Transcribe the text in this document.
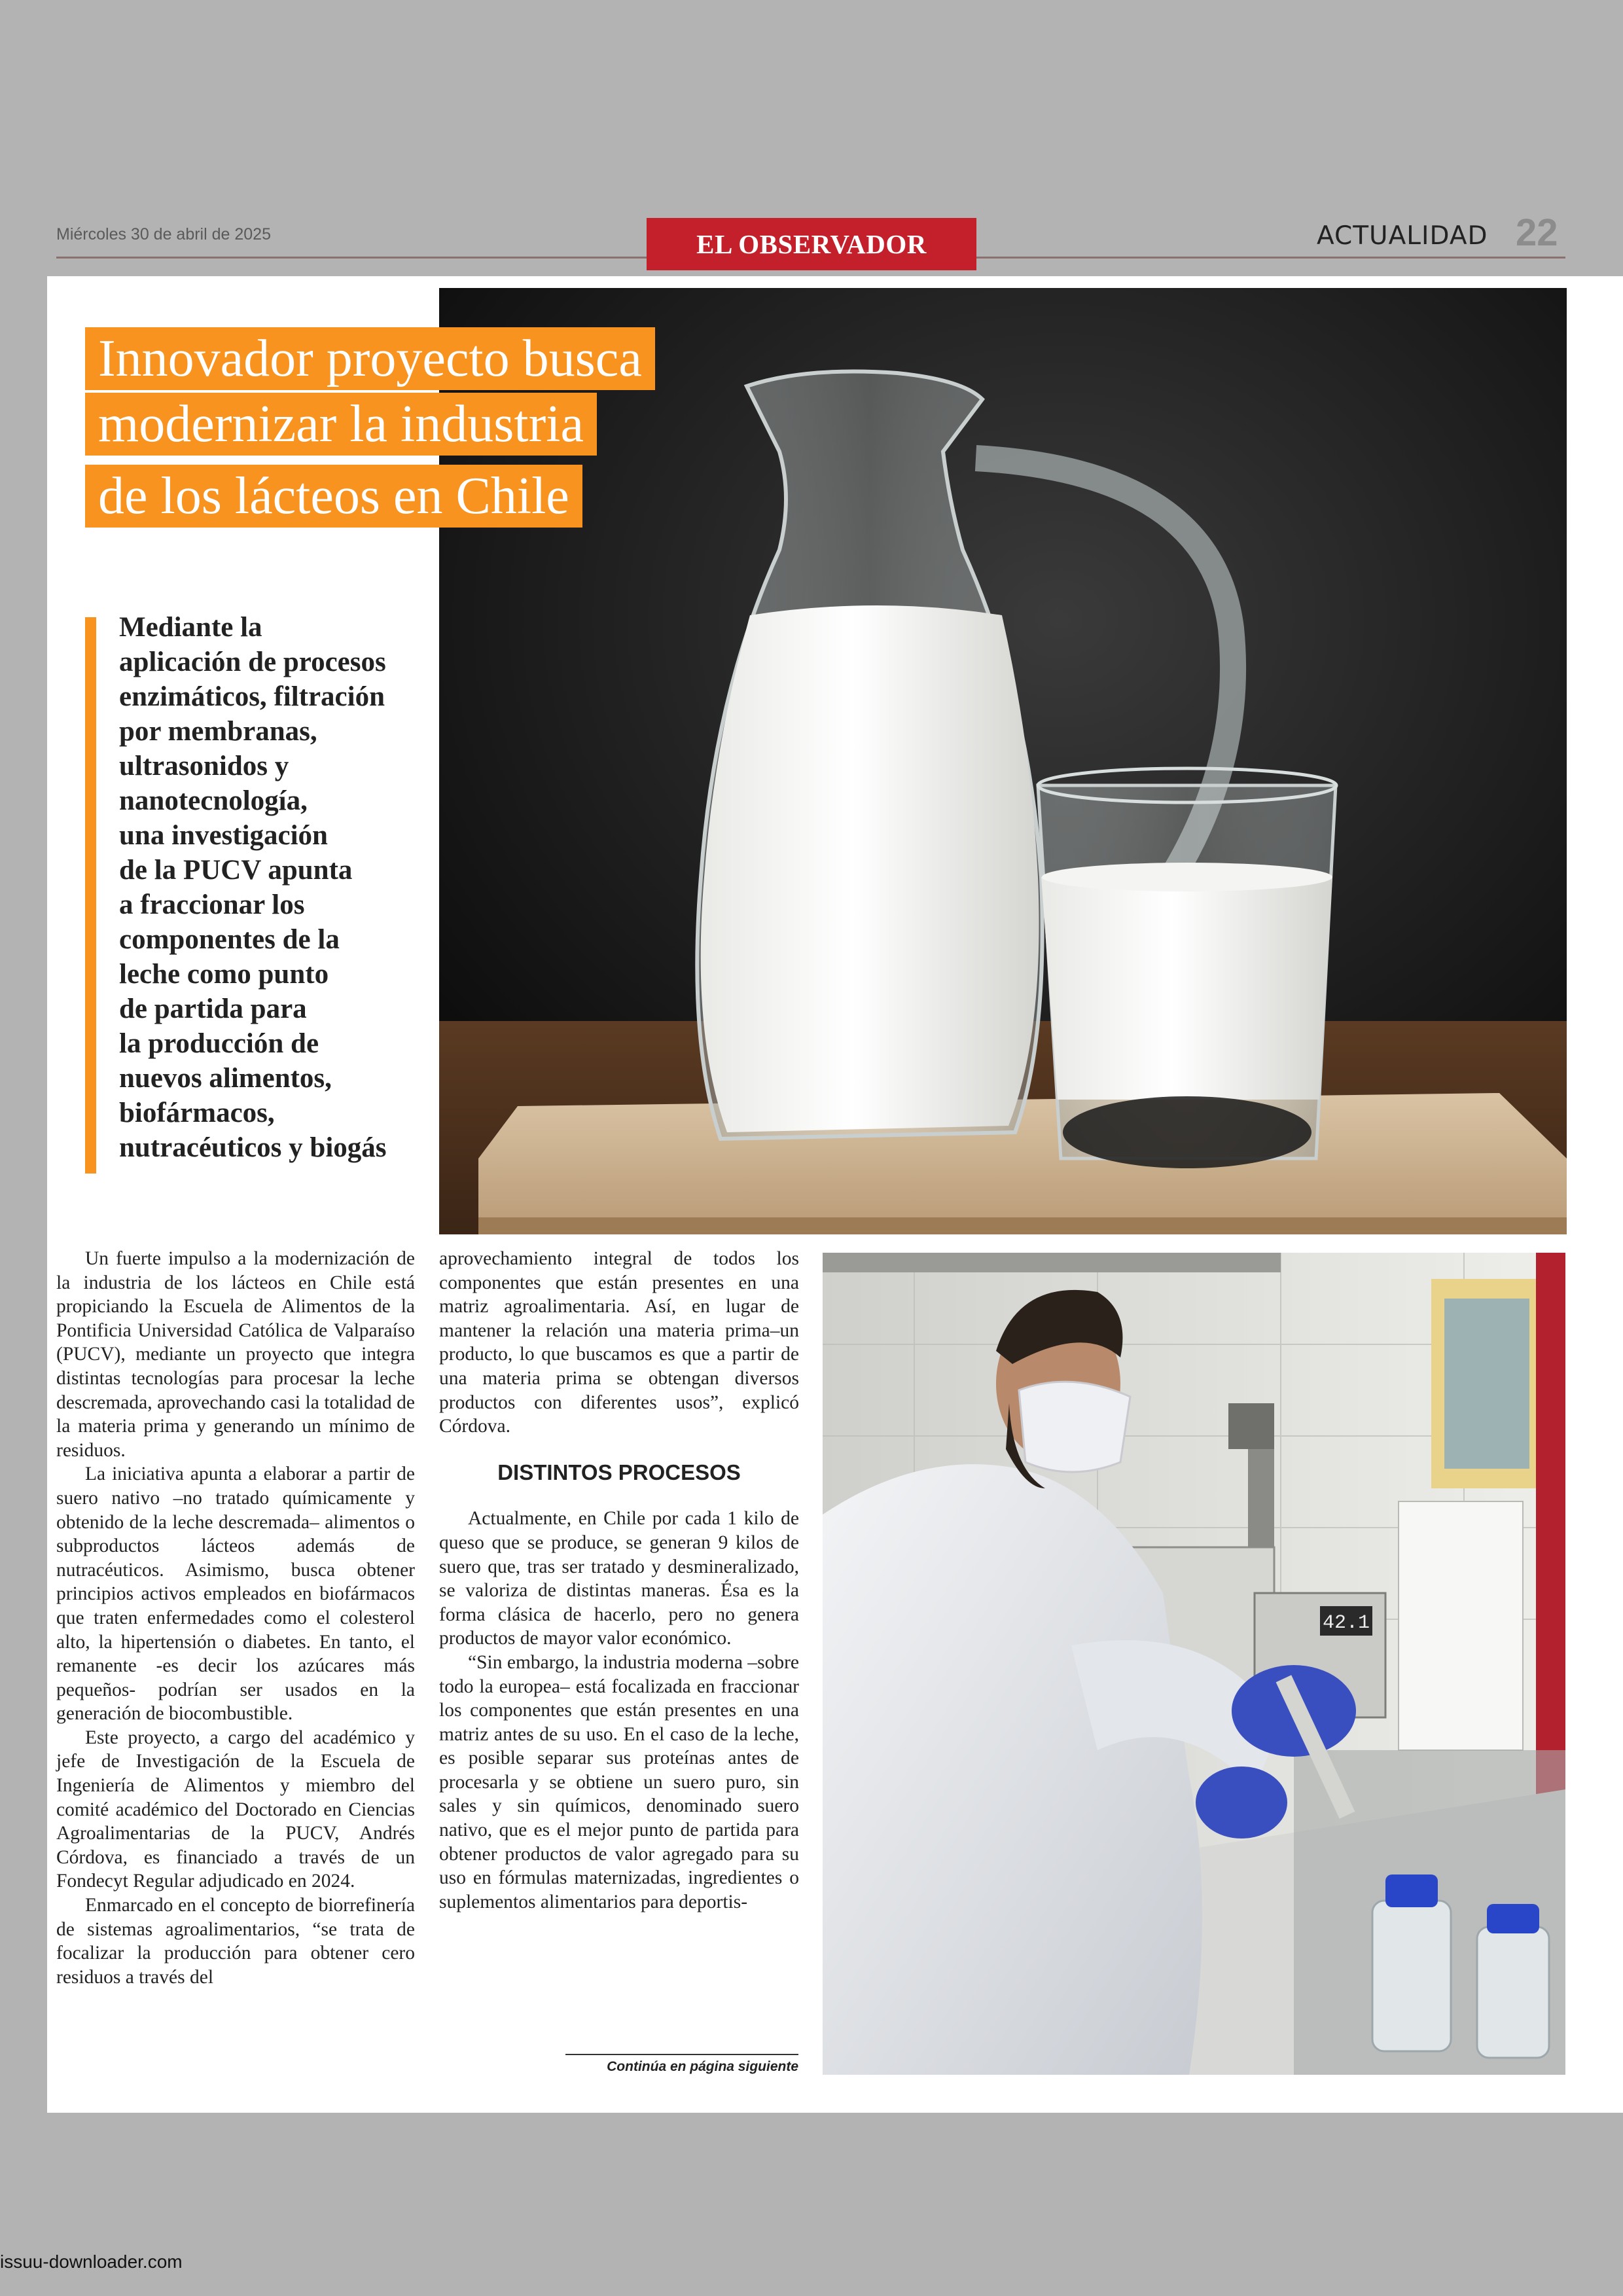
Miércoles 30 de abril de 2025	EL OBSERVADOR	ACTUALIDAD 22
Innovador proyecto busca
modernizar la industria
de los lácteos en Chile
Mediante la
aplicación de procesos
enzimáticos, filtración
por membranas,
ultrasonidos y
nanotecnología,
una investigación
de la PUCV apunta
a fraccionar los
componentes de la
leche como punto
de partida para
la producción de
nuevos alimentos,
biofármacos,
nutracéuticos y biogás

Un fuerte impulso a la modernización de la industria de los lácteos en Chile está propiciando la Escuela de Alimentos de la Pontificia Universidad Católica de Valparaíso (PUCV), mediante un proyecto que integra distintas tecnologías para procesar la leche descremada, aprovechando casi la totalidad de la materia prima y generando un mínimo de residuos.

La iniciativa apunta a elaborar a partir de suero nativo –no tratado químicamente y obtenido de la leche descremada– alimentos o subproductos lácteos además de nutracéuticos. Asimismo, busca obtener principios activos empleados en biofármacos que traten enfermedades como el colesterol alto, la hipertensión o diabetes. En tanto, el remanente -es decir los azúcares más pequeños- podrían ser usados en la generación de biocombustible.

Este proyecto, a cargo del académico y jefe de Investigación de la Escuela de Ingeniería de Alimentos y miembro del comité académico del Doctorado en Ciencias Agroalimentarias de la PUCV, Andrés Córdova, es financiado a través de un Fondecyt Regular adjudicado en 2024.

Enmarcado en el concepto de biorrefinería de sistemas agroalimentarios, “se trata de focalizar la producción para obtener cero residuos a través del

aprovechamiento integral de todos los componentes que están presentes en una matriz agroalimentaria. Así, en lugar de mantener la relación una materia prima–un producto, lo que buscamos es que a partir de una materia prima se obtengan diversos productos con diferentes usos”, explicó Córdova.

DISTINTOS PROCESOS

Actualmente, en Chile por cada 1 kilo de queso que se produce, se generan 9 kilos de suero que, tras ser tratado y desmineralizado, se valoriza de distintas maneras. Ésa es la forma clásica de hacerlo, pero no genera productos de mayor valor económico.

“Sin embargo, la industria moderna –sobre todo la europea– está focalizada en fraccionar los componentes que están presentes en una matriz antes de su uso. En el caso de la leche, es posible separar sus proteínas antes de procesarla y se obtiene un suero puro, sin sales y sin químicos, denominado suero nativo, que es el mejor punto de partida para obtener productos de valor agregado para su uso en fórmulas maternizadas, ingredientes o suplementos alimentarios para deportis-

Continúa en página siguiente
42.1
issuu-downloader.com
